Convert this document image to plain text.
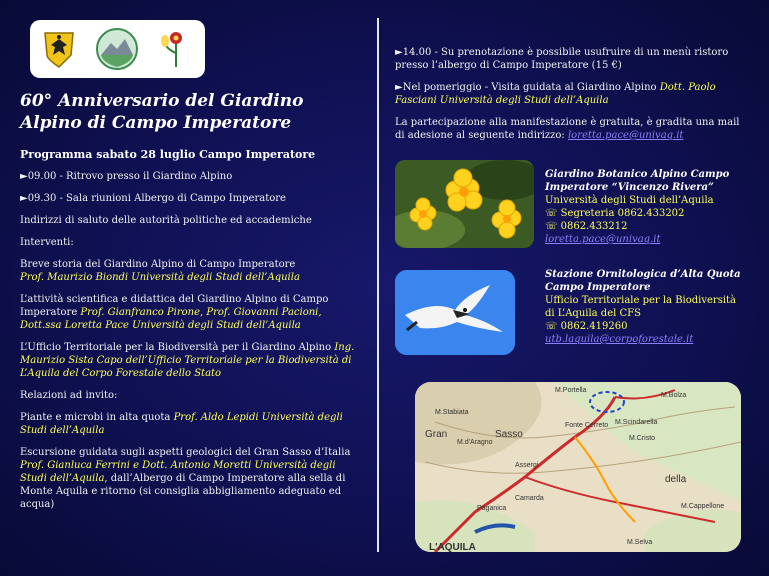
60° Anniversario del Giardino Alpino di Campo Imperatore
Programma sabato 28 luglio Campo Imperatore

►09.00 - Ritrovo presso il Giardino Alpino

►09.30 - Sala riunioni Albergo di Campo Imperatore

Indirizzi di saluto delle autorità politiche ed accademiche

Interventi:

Breve storia del Giardino Alpino di Campo Imperatore
Prof. Maurizio Biondi Università degli Studi dell’Aquila

L’attività scientifica e didattica del Giardino Alpino di Campo Imperatore Prof. Gianfranco Pirone, Prof. Giovanni Pacioni, Dott.ssa Loretta Pace Università degli Studi dell’Aquila

L’Ufficio Territoriale per la Biodiversità per il Giardino Alpino Ing. Maurizio Sista Capo dell’Ufficio Territoriale per la Biodiversità di L’Aquila del Corpo Forestale dello Stato

Relazioni ad invito:

Piante e microbi in alta quota Prof. Aldo Lepidi Università degli Studi dell’Aquila

Escursione guidata sugli aspetti geologici del Gran Sasso d’Italia Prof. Gianluca Ferrini e Dott. Antonio Moretti Università degli Studi dell’Aquila, dall’Albergo di Campo Imperatore alla sella di Monte Aquila e ritorno (si consiglia abbigliamento adeguato ed acqua)

►14.00 - Su prenotazione è possibile usufruire di un menù ristoro presso l’albergo di Campo Imperatore (15 €)

►Nel pomeriggio - Visita guidata al Giardino Alpino Dott. Paolo Fasciani Università degli Studi dell’Aquila

La partecipazione alla manifestazione è gratuita, è gradita una mail di adesione al seguente indirizzo: loretta.pace@univaq.it

Giardino Botanico Alpino Campo Imperatore “Vincenzo Rivera”
Università degli Studi dell’Aquila
☏ Segreteria 0862.433202
☏ 0862.433212
loretta.pace@univaq.it
Stazione Ornitologica d’Alta Quota Campo Imperatore
Ufficio Territoriale per la Biodiversità
di L’Aquila del CFS
☏ 0862.419260
utb.laquila@corpoforestale.it
M.Stabiata
Gran	Sasso
M.d'Aragno
M.Scindarella
M.Cristo
della
M.Cappellone
M.Selva
L'AQUILA
Paganica
Assergi
Fonte Cerreto
Camarda
M.Bolza
M.Portella
